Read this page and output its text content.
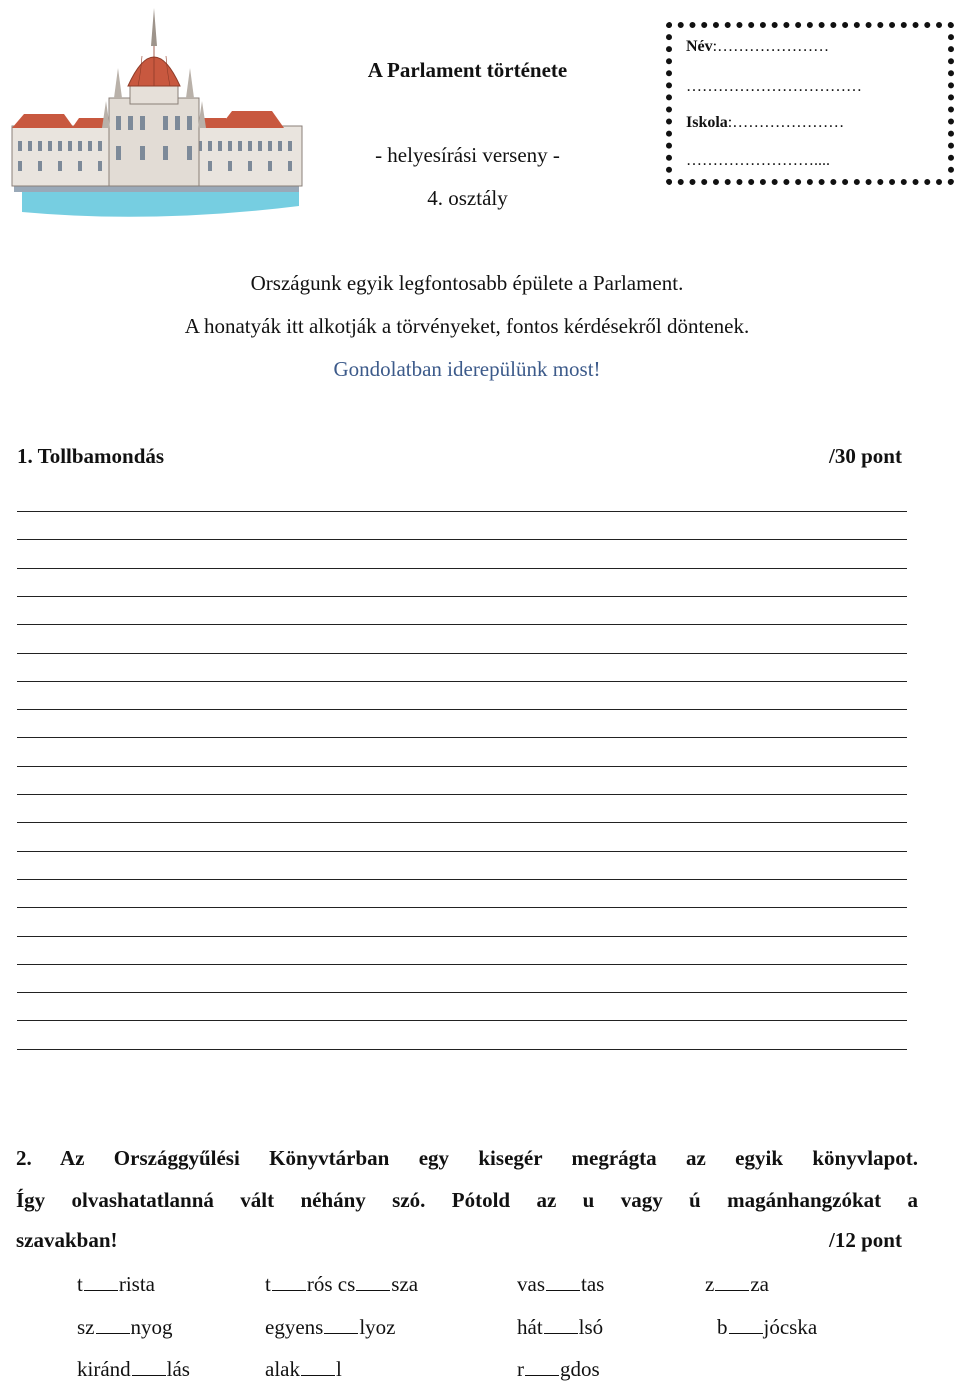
A Parlament története
- helyesírási verseny -
4. osztály
Név:…………………
……………………………
Iskola:…………………
……………………....
Országunk egyik legfontosabb épülete a Parlament.
A honatyák itt alkotják a törvényeket, fontos kérdésekről döntenek.
Gondolatban iderepülünk most!
1. Tollbamondás	/30 pont
2. Az Országgyűlési Könyvtárban egy kisegér megrágta az egyik könyvlapot.
Így olvashatatlanná vált néhány szó. Pótold az u vagy ú magánhangzókat a
szavakban!	/12 pont
t rista	t rós cs sza	vas tas	z za
sz nyog	egyens lyoz	hát lsó	b jócska
kiránd lás	alak l	r gdos
